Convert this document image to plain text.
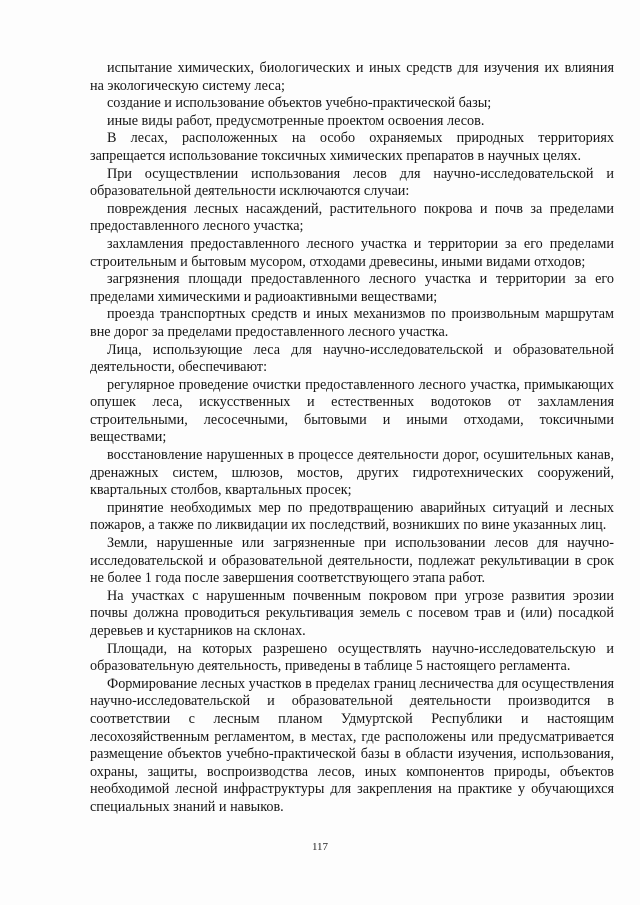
испытание химических, биологических и иных средств для изучения их влияния на экологическую систему леса;

создание и использование объектов учебно-практической базы;

иные виды работ, предусмотренные проектом освоения лесов.

В лесах, расположенных на особо охраняемых природных территориях запрещается использование токсичных химических препаратов в научных целях.

При осуществлении использования лесов для научно-исследовательской и образовательной деятельности исключаются случаи:

повреждения лесных насаждений, растительного покрова и почв за пределами предоставленного лесного участка;

захламления предоставленного лесного участка и территории за его пределами строительным и бытовым мусором, отходами древесины, иными видами отходов;

загрязнения площади предоставленного лесного участка и территории за его пределами химическими и радиоактивными веществами;

проезда транспортных средств и иных механизмов по произвольным маршрутам вне дорог за пределами предоставленного лесного участка.

Лица, использующие леса для научно-исследовательской и образовательной деятельности, обеспечивают:

регулярное проведение очистки предоставленного лесного участка, примыкающих опушек леса, искусственных и естественных водотоков от захламления строительными, лесосечными, бытовыми и иными отходами, токсичными веществами;

восстановление нарушенных в процессе деятельности дорог, осушительных канав, дренажных систем, шлюзов, мостов, других гидротехнических сооружений, квартальных столбов, квартальных просек;

принятие необходимых мер по предотвращению аварийных ситуаций и лесных пожаров, а также по ликвидации их последствий, возникших по вине указанных лиц.

Земли, нарушенные или загрязненные при использовании лесов для научно-исследовательской и образовательной деятельности, подлежат рекультивации в срок не более 1 года после завершения соответствующего этапа работ.

На участках с нарушенным почвенным покровом при угрозе развития эрозии почвы должна проводиться рекультивация земель с посевом трав и (или) посадкой деревьев и кустарников на склонах.

Площади, на которых разрешено осуществлять научно-исследовательскую и образовательную деятельность, приведены в таблице 5 настоящего регламента.

Формирование лесных участков в пределах границ лесничества для осуществления научно-исследовательской и образовательной деятельности производится в соответствии с лесным планом Удмуртской Республики и настоящим лесохозяйственным регламентом, в местах, где расположены или предусматривается размещение объектов учебно-практической базы в области изучения, использования, охраны, защиты, воспроизводства лесов, иных компонентов природы, объектов необходимой лесной инфраструктуры для закрепления на практике у обучающихся специальных знаний и навыков.

117
